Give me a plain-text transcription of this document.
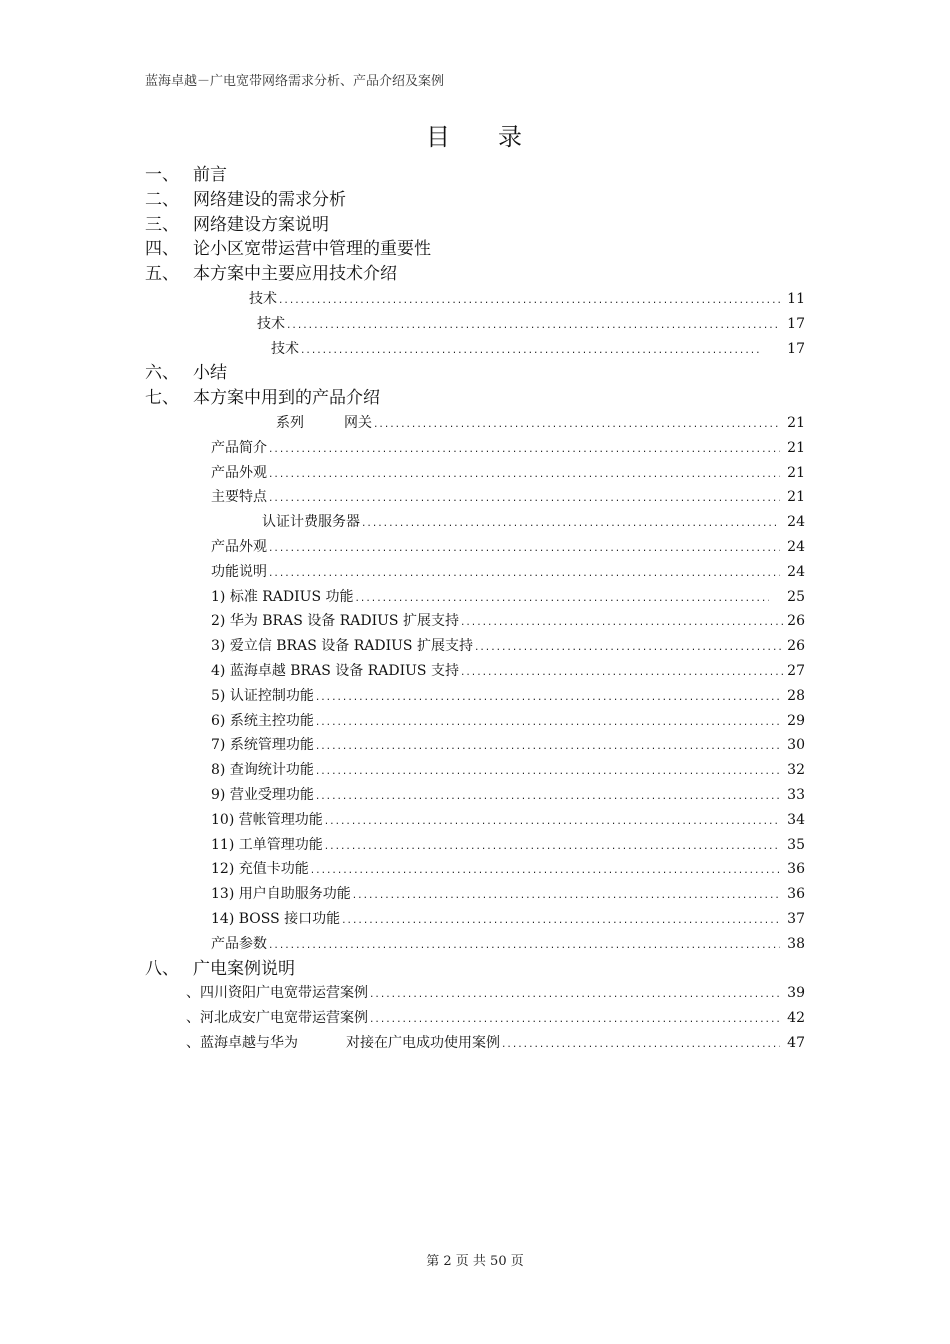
蓝海卓越－广电宽带网络需求分析、产品介绍及案例
目 录
一、 前言
二、 网络建设的需求分析
三、 网络建设方案说明
四、 论小区宽带运营中管理的重要性
五、 本方案中主要应用技术介绍
技术 .....	11
技术 .....	17
技术 .....	17
六、 小结
七、 本方案中用到的产品介绍
系列	网关 .....	21
产品简介 .....	21
产品外观 .....	21
主要特点 .....	21
认证计费服务器 .....	24
产品外观 .....	24
功能说明 .....	24
1) 标准 RADIUS 功能 .....	25
2) 华为 BRAS 设备 RADIUS 扩展支持 .....	26
3) 爱立信 BRAS 设备 RADIUS 扩展支持 .....	26
4) 蓝海卓越 BRAS 设备 RADIUS 支持 .....	27
5) 认证控制功能 .....	28
6) 系统主控功能 .....	29
7) 系统管理功能 .....	30
8) 查询统计功能 .....	32
9) 营业受理功能 .....	33
10) 营帐管理功能 .....	34
11) 工单管理功能 .....	35
12) 充值卡功能 .....	36
13) 用户自助服务功能 .....	36
14) BOSS 接口功能 .....	37
产品参数 .....	38
八、 广电案例说明
、四川资阳广电宽带运营案例 .....	39
、河北成安广电宽带运营案例 .....	42
、蓝海卓越与华为	对接在广电成功使用案例 .....	47
第 2 页 共 50 页
